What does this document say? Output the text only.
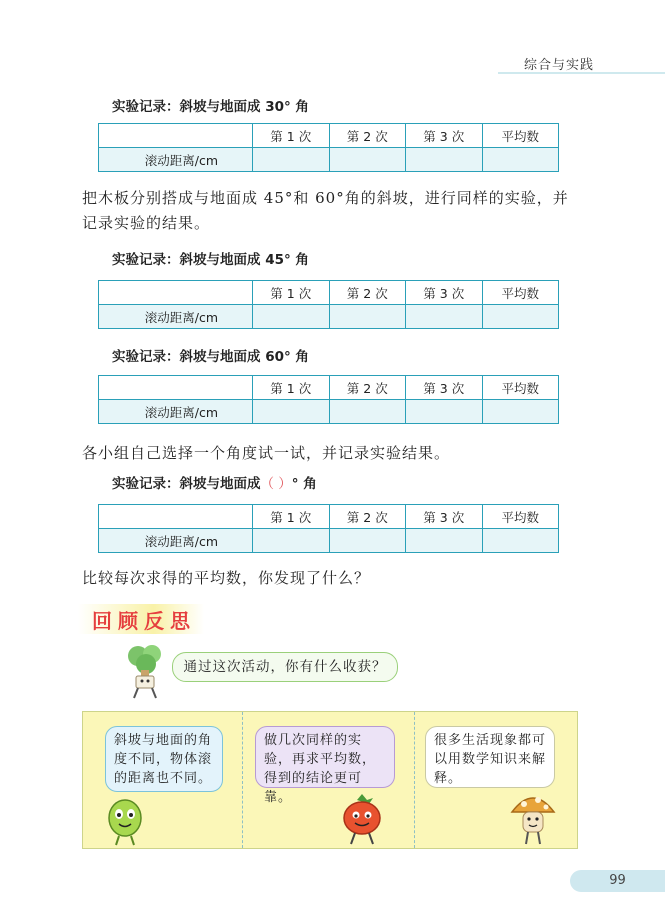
综合与实践
实验记录：斜坡与地面成 30° 角
	第 1 次	第 2 次	第 3 次	平均数
滚动距离/cm				
把木板分别搭成与地面成 45°和 60°角的斜坡，进行同样的实验，并记录实验的结果。
实验记录：斜坡与地面成 45° 角
	第 1 次	第 2 次	第 3 次	平均数
滚动距离/cm				
实验记录：斜坡与地面成 60° 角
	第 1 次	第 2 次	第 3 次	平均数
滚动距离/cm				
各小组自己选择一个角度试一试，并记录实验结果。
实验记录：斜坡与地面成（ ）° 角
	第 1 次	第 2 次	第 3 次	平均数
滚动距离/cm				
比较每次求得的平均数，你发现了什么？
回顾反思
通过这次活动，你有什么收获？
斜坡与地面的角度不同，物体滚的距离也不同。
做几次同样的实验，再求平均数，得到的结论更可靠。
很多生活现象都可以用数学知识来解释。
99
